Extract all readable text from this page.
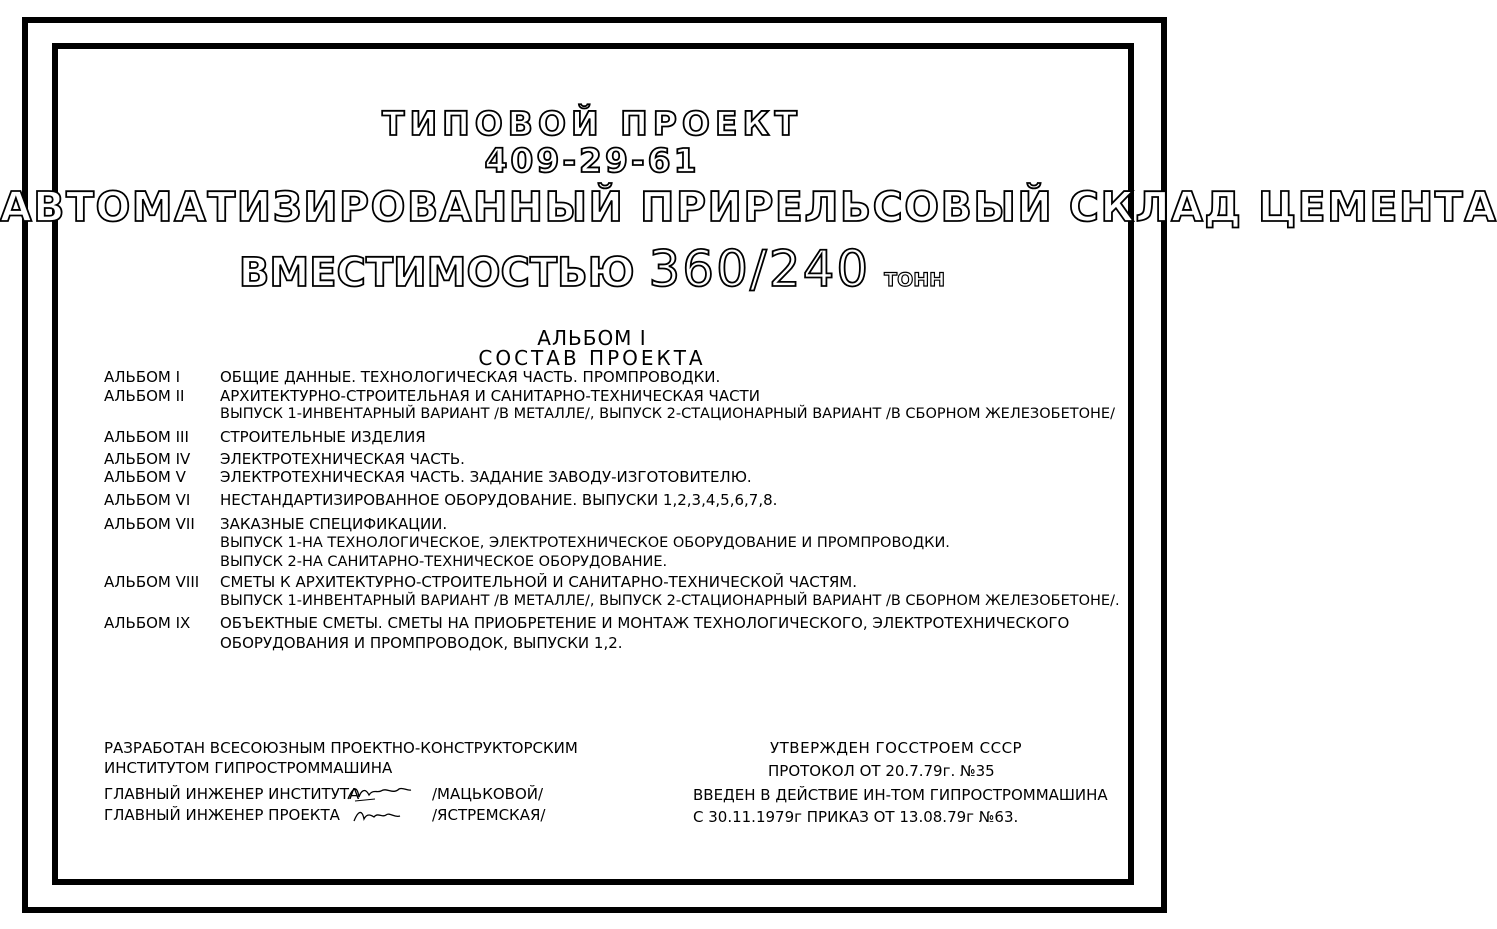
ТИПОВОЙ ПРОЕКТ
409-29-61
АВТОМАТИЗИРОВАННЫЙ ПРИРЕЛЬСОВЫЙ СКЛАД ЦЕМЕНТА
ВМЕСТИМОСТЬЮ 360/240 ТОНН
АЛЬБОМ I
СОСТАВ ПРОЕКТА
АЛЬБОМ I	ОБЩИЕ ДАННЫЕ. ТЕХНОЛОГИЧЕСКАЯ ЧАСТЬ. ПРОМПРОВОДКИ.
АЛЬБОМ II АРХИТЕКТУРНО-СТРОИТЕЛЬНАЯ И САНИТАРНО-ТЕХНИЧЕСКАЯ ЧАСТИ
ВЫПУСК 1-ИНВЕНТАРНЫЙ ВАРИАНТ /В МЕТАЛЛЕ/, ВЫПУСК 2-СТАЦИОНАРНЫЙ ВАРИАНТ /В СБОРНОМ ЖЕЛЕЗОБЕТОНЕ/
АЛЬБОМ III СТРОИТЕЛЬНЫЕ ИЗДЕЛИЯ
АЛЬБОМ IV ЭЛЕКТРОТЕХНИЧЕСКАЯ ЧАСТЬ.
АЛЬБОМ V ЭЛЕКТРОТЕХНИЧЕСКАЯ ЧАСТЬ. ЗАДАНИЕ ЗАВОДУ-ИЗГОТОВИТЕЛЮ.
АЛЬБОМ VI НЕСТАНДАРТИЗИРОВАННОЕ ОБОРУДОВАНИЕ. ВЫПУСКИ 1,2,3,4,5,6,7,8.
АЛЬБОМ VII ЗАКАЗНЫЕ СПЕЦИФИКАЦИИ.
ВЫПУСК 1-НА ТЕХНОЛОГИЧЕСКОЕ, ЭЛЕКТРОТЕХНИЧЕСКОЕ ОБОРУДОВАНИЕ И ПРОМПРОВОДКИ.
ВЫПУСК 2-НА САНИТАРНО-ТЕХНИЧЕСКОЕ ОБОРУДОВАНИЕ.
АЛЬБОМ VIII СМЕТЫ К АРХИТЕКТУРНО-СТРОИТЕЛЬНОЙ И САНИТАРНО-ТЕХНИЧЕСКОЙ ЧАСТЯМ.
ВЫПУСК 1-ИНВЕНТАРНЫЙ ВАРИАНТ /В МЕТАЛЛЕ/, ВЫПУСК 2-СТАЦИОНАРНЫЙ ВАРИАНТ /В СБОРНОМ ЖЕЛЕЗОБЕТОНЕ/.
АЛЬБОМ IX ОБЪЕКТНЫЕ СМЕТЫ. СМЕТЫ НА ПРИОБРЕТЕНИЕ И МОНТАЖ ТЕХНОЛОГИЧЕСКОГО, ЭЛЕКТРОТЕХНИЧЕСКОГО
ОБОРУДОВАНИЯ И ПРОМПРОВОДОК, ВЫПУСКИ 1,2.
РАЗРАБОТАН ВСЕСОЮЗНЫМ ПРОЕКТНО-КОНСТРУКТОРСКИМ
ИНСТИТУТОМ ГИПРОСТРОММАШИНА
ГЛАВНЫЙ ИНЖЕНЕР ИНСТИТУТА	/МАЦЬКОВОЙ/
ГЛАВНЫЙ ИНЖЕНЕР ПРОЕКТА	/ЯСТРЕМСКАЯ/
УТВЕРЖДЕН ГОССТРОЕМ СССР
ПРОТОКОЛ ОТ 20.7.79г. №35
ВВЕДЕН В ДЕЙСТВИЕ ИН-ТОМ ГИПРОСТРОММАШИНА
С 30.11.1979г ПРИКАЗ ОТ 13.08.79г №63.
